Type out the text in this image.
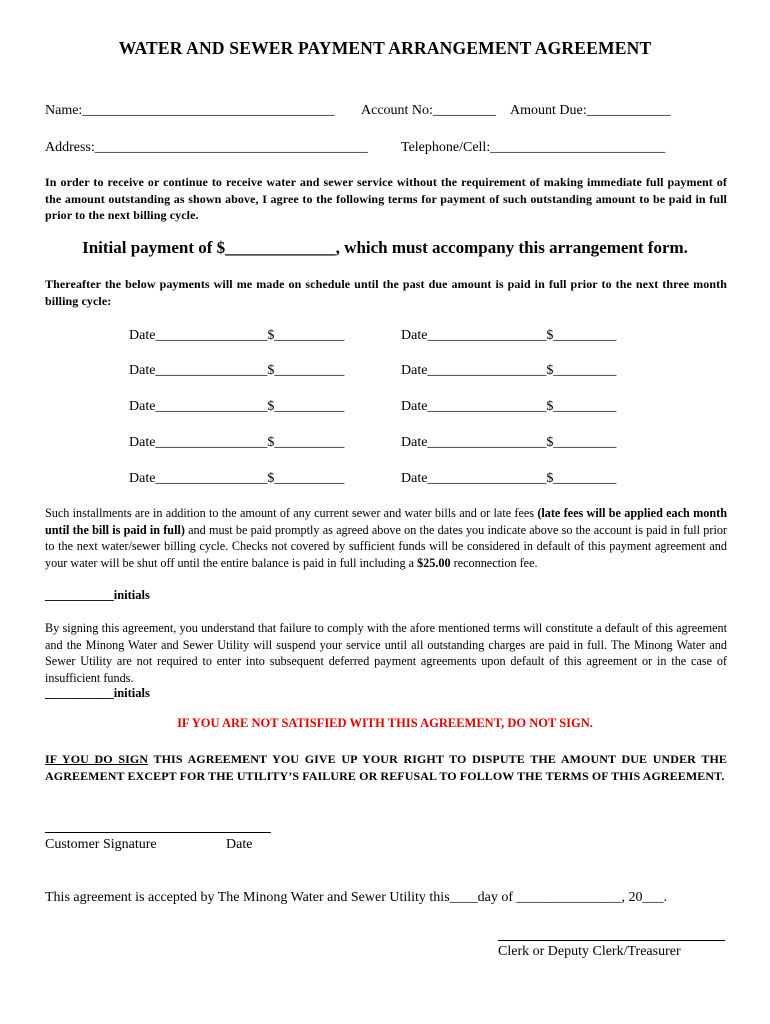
WATER AND SEWER PAYMENT ARRANGEMENT AGREEMENT
Name:____________________________________ Account No:_________ Amount Due:____________
Address:_______________________________________ Telephone/Cell:_________________________
In order to receive or continue to receive water and sewer service without the requirement of making immediate full payment of the amount outstanding as shown above, I agree to the following terms for payment of such outstanding amount to be paid in full prior to the next billing cycle.
Initial payment of $_____________, which must accompany this arrangement form.
Thereafter the below payments will me made on schedule until the past due amount is paid in full prior to the next three month billing cycle:
Date________________$__________	Date_________________$_________
Date________________$__________	Date_________________$_________
Date________________$__________	Date_________________$_________
Date________________$__________	Date_________________$_________
Date________________$__________	Date_________________$_________
Such installments are in addition to the amount of any current sewer and water bills and or late fees (late fees will be applied each month until the bill is paid in full) and must be paid promptly as agreed above on the dates you indicate above so the account is paid in full prior to the next water/sewer billing cycle. Checks not covered by sufficient funds will be considered in default of this payment agreement and your water will be shut off until the entire balance is paid in full including a $25.00 reconnection fee.
___________initials
By signing this agreement, you understand that failure to comply with the afore mentioned terms will constitute a default of this agreement and the Minong Water and Sewer Utility will suspend your service until all outstanding charges are paid in full. The Minong Water and Sewer Utility are not required to enter into subsequent deferred payment agreements upon default of this agreement or in the case of insufficient funds.
___________initials
IF YOU ARE NOT SATISFIED WITH THIS AGREEMENT, DO NOT SIGN.
IF YOU DO SIGN THIS AGREEMENT YOU GIVE UP YOUR RIGHT TO DISPUTE THE AMOUNT DUE UNDER THE AGREEMENT EXCEPT FOR THE UTILITY’S FAILURE OR REFUSAL TO FOLLOW THE TERMS OF THIS AGREEMENT.
Customer Signature	Date
This agreement is accepted by The Minong Water and Sewer Utility this____day of _______________, 20___.
Clerk or Deputy Clerk/Treasurer
